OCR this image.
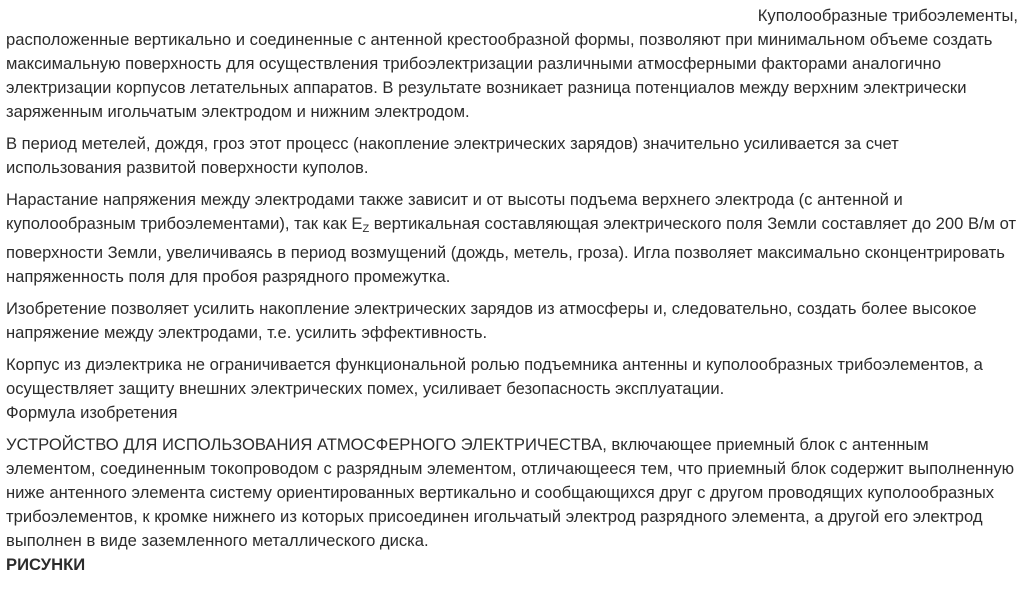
Куполообразные трибоэлементы,
расположенные вертикально и соединенные с антенной крестообразной формы, позволяют при минимальном объеме создать максимальную поверхность для осуществления трибоэлектризации различными атмосферными факторами аналогично электризации корпусов летательных аппаратов. В результате возникает разница потенциалов между верхним электрически заряженным игольчатым электродом и нижним электродом.

В период метелей, дождя, гроз этот процесс (накопление электрических зарядов) значительно усиливается за счет использования развитой поверхности куполов.

Нарастание напряжения между электродами также зависит и от высоты подъема верхнего электрода (с антенной и куполообразным трибоэлементами), так как $E_Z$ вертикальная составляющая электрического поля Земли составляет до 200 В/м от поверхности Земли, увеличиваясь в период возмущений (дождь, метель, гроза). Игла позволяет максимально сконцентрировать напряженность поля для пробоя разрядного промежутка.

Изобретение позволяет усилить накопление электрических зарядов из атмосферы и, следовательно, создать более высокое напряжение между электродами, т.е. усилить эффективность.

Корпус из диэлектрика не ограничивается функциональной ролью подъемника антенны и куполообразных трибоэлементов, а осуществляет защиту внешних электрических помех, усиливает безопасность эксплуатации.
Формула изобретения

УСТРОЙСТВО ДЛЯ ИСПОЛЬЗОВАНИЯ АТМОСФЕРНОГО ЭЛЕКТРИЧЕСТВА, включающее приемный блок с антенным элементом, соединенным токопроводом с разрядным элементом, отличающееся тем, что приемный блок содержит выполненную ниже антенного элемента систему ориентированных вертикально и сообщающихся друг с другом проводящих куполообразных трибоэлементов, к кромке нижнего из которых присоединен игольчатый электрод разрядного элемента, а другой его электрод выполнен в виде заземленного металлического диска.
РИСУНКИ
